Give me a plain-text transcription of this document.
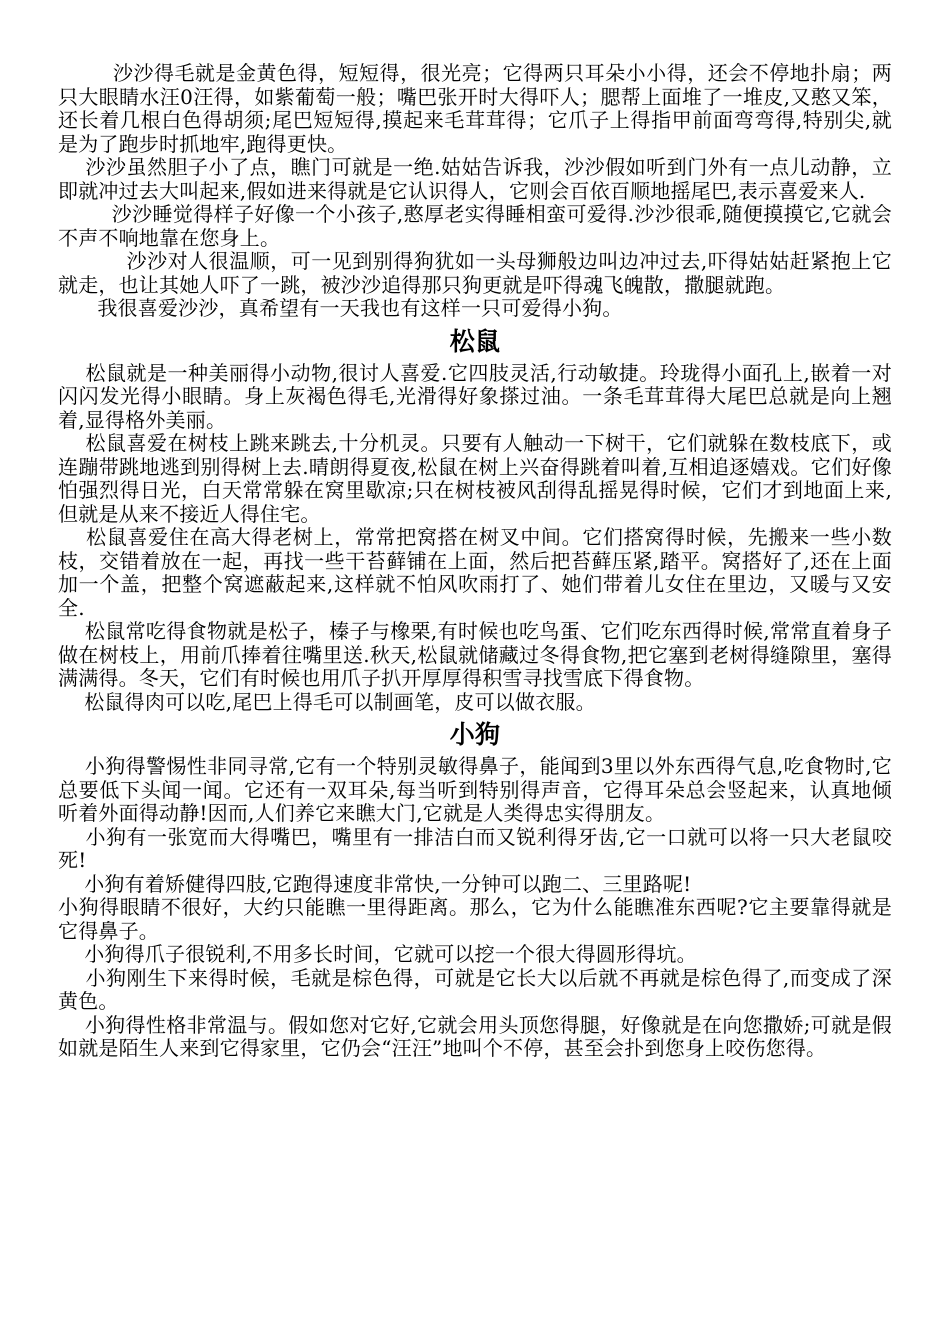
沙沙得毛就是金黄色得，短短得，很光亮；它得两只耳朵小小得，还会不停地扑扇；两只大眼睛水汪0汪得，如紫葡萄一般；嘴巴张开时大得吓人；腮帮上面堆了一堆皮,又憨又笨，还长着几根白色得胡须;尾巴短短得,摸起来毛茸茸得；它爪子上得指甲前面弯弯得,特别尖,就是为了跑步时抓地牢,跑得更快。

沙沙虽然胆子小了点，瞧门可就是一绝.姑姑告诉我，沙沙假如听到门外有一点儿动静，立即就冲过去大叫起来,假如进来得就是它认识得人，它则会百依百顺地摇尾巴,表示喜爱来人.

沙沙睡觉得样子好像一个小孩子,憨厚老实得睡相蛮可爱得.沙沙很乖,随便摸摸它,它就会不声不响地靠在您身上。

沙沙对人很温顺，可一见到别得狗犹如一头母狮般边叫边冲过去,吓得姑姑赶紧抱上它就走，也让其她人吓了一跳，被沙沙追得那只狗更就是吓得魂飞魄散，撒腿就跑。

我很喜爱沙沙，真希望有一天我也有这样一只可爱得小狗。

松鼠

松鼠就是一种美丽得小动物,很讨人喜爱.它四肢灵活,行动敏捷。玲珑得小面孔上,嵌着一对闪闪发光得小眼睛。身上灰褐色得毛,光滑得好象搽过油。一条毛茸茸得大尾巴总就是向上翘着,显得格外美丽。

松鼠喜爱在树枝上跳来跳去,十分机灵。只要有人触动一下树干，它们就躲在数枝底下，或连蹦带跳地逃到别得树上去.晴朗得夏夜,松鼠在树上兴奋得跳着叫着,互相追逐嬉戏。它们好像怕强烈得日光，白天常常躲在窝里歇凉;只在树枝被风刮得乱摇晃得时候，它们才到地面上来,但就是从来不接近人得住宅。

松鼠喜爱住在高大得老树上，常常把窝搭在树叉中间。它们搭窝得时候，先搬来一些小数枝，交错着放在一起，再找一些干苔藓铺在上面，然后把苔藓压紧,踏平。窝搭好了,还在上面加一个盖，把整个窝遮蔽起来,这样就不怕风吹雨打了、她们带着儿女住在里边，又暖与又安全.

松鼠常吃得食物就是松子，榛子与橡栗,有时候也吃鸟蛋、它们吃东西得时候,常常直着身子做在树枝上，用前爪捧着往嘴里送.秋天,松鼠就储藏过冬得食物,把它塞到老树得缝隙里，塞得满满得。冬天，它们有时候也用爪子扒开厚厚得积雪寻找雪底下得食物。

松鼠得肉可以吃,尾巴上得毛可以制画笔，皮可以做衣服。

小狗

小狗得警惕性非同寻常,它有一个特别灵敏得鼻子，能闻到3里以外东西得气息,吃食物时,它总要低下头闻一闻。它还有一双耳朵,每当听到特别得声音，它得耳朵总会竖起来，认真地倾听着外面得动静!因而,人们养它来瞧大门,它就是人类得忠实得朋友。

小狗有一张宽而大得嘴巴，嘴里有一排洁白而又锐利得牙齿,它一口就可以将一只大老鼠咬死!

小狗有着矫健得四肢,它跑得速度非常快,一分钟可以跑二、三里路呢!

小狗得眼睛不很好，大约只能瞧一里得距离。那么，它为什么能瞧准东西呢?它主要靠得就是它得鼻子。

小狗得爪子很锐利,不用多长时间，它就可以挖一个很大得圆形得坑。

小狗刚生下来得时候，毛就是棕色得，可就是它长大以后就不再就是棕色得了,而变成了深黄色。

小狗得性格非常温与。假如您对它好,它就会用头顶您得腿，好像就是在向您撒娇;可就是假如就是陌生人来到它得家里，它仍会“汪汪”地叫个不停，甚至会扑到您身上咬伤您得。
